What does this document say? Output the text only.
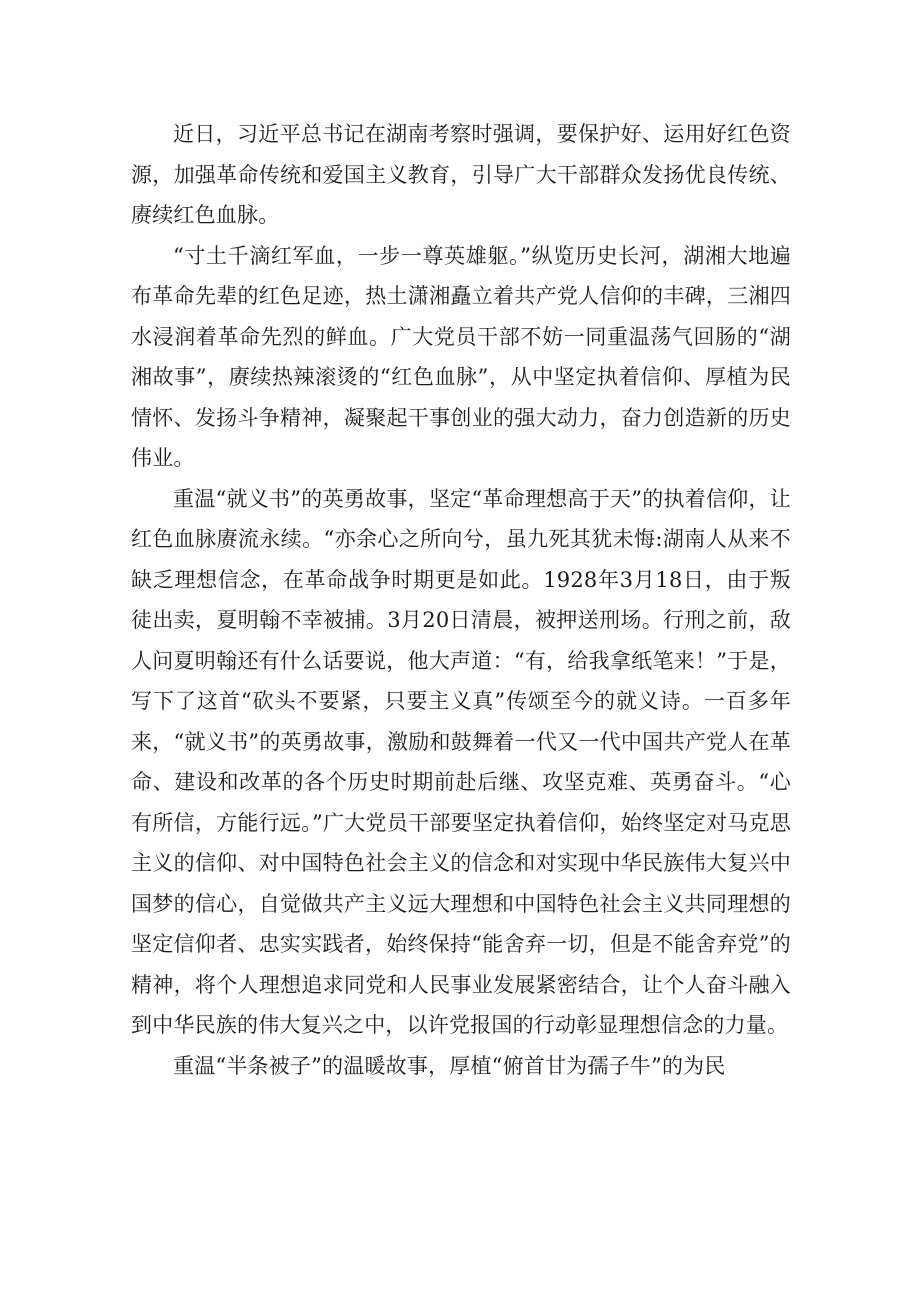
近日，习近平总书记在湖南考察时强调，要保护好、运用好红色资源，加强革命传统和爱国主义教育，引导广大干部群众发扬优良传统、赓续红色血脉。

“寸土千滴红军血，一步一尊英雄躯。”纵览历史长河，湖湘大地遍布革命先辈的红色足迹，热土潇湘矗立着共产党人信仰的丰碑，三湘四水浸润着革命先烈的鲜血。广大党员干部不妨一同重温荡气回肠的“湖湘故事”，赓续热辣滚烫的“红色血脉”，从中坚定执着信仰、厚植为民情怀、发扬斗争精神，凝聚起干事创业的强大动力，奋力创造新的历史伟业。

重温“就义书”的英勇故事，坚定“革命理想高于天”的执着信仰，让红色血脉赓流永续。“亦余心之所向兮，虽九死其犹未悔:湖南人从来不缺乏理想信念，在革命战争时期更是如此。1928年3月18日，由于叛徒出卖，夏明翰不幸被捕。3月20日清晨，被押送刑场。行刑之前，敌人问夏明翰还有什么话要说，他大声道：“有，给我拿纸笔来！”于是，写下了这首“砍头不要紧，只要主义真”传颂至今的就义诗。一百多年来，“就义书”的英勇故事，激励和鼓舞着一代又一代中国共产党人在革命、建设和改革的各个历史时期前赴后继、攻坚克难、英勇奋斗。“心有所信，方能行远。”广大党员干部要坚定执着信仰，始终坚定对马克思主义的信仰、对中国特色社会主义的信念和对实现中华民族伟大复兴中国梦的信心，自觉做共产主义远大理想和中国特色社会主义共同理想的坚定信仰者、忠实实践者，始终保持“能舍弃一切，但是不能舍弃党”的精神，将个人理想追求同党和人民事业发展紧密结合，让个人奋斗融入到中华民族的伟大复兴之中，以许党报国的行动彰显理想信念的力量。

重温“半条被子”的温暖故事，厚植“俯首甘为孺子牛”的为民
